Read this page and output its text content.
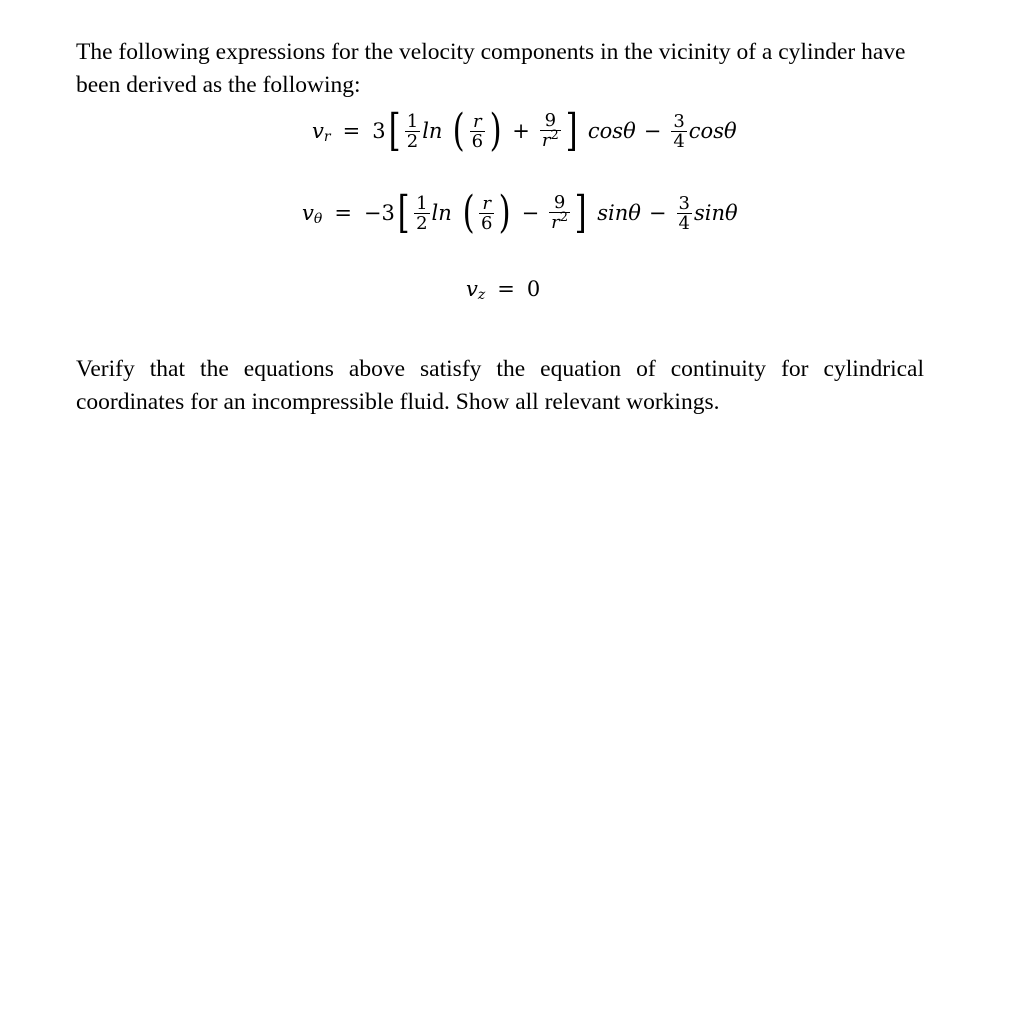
The following expressions for the velocity components in the vicinity of a cylinder have been derived as the following:

v r = 3 [ $\frac{1}{2}$ ln ( $\frac{r}{6}$ ) + $\frac{9}{r^2}$ ] $\cos\theta - \frac{3}{4}$ cosθ
v θ = −3 [ $\frac{1}{2}$ ln ( $\frac{r}{6}$ ) − $\frac{9}{r^2}$ ] $\sin\theta - \frac{3}{4}$ sinθ
v z = 0

Verify that the equations above satisfy the equation of continuity for cylindrical coordinates for an incompressible fluid. Show all relevant workings.
